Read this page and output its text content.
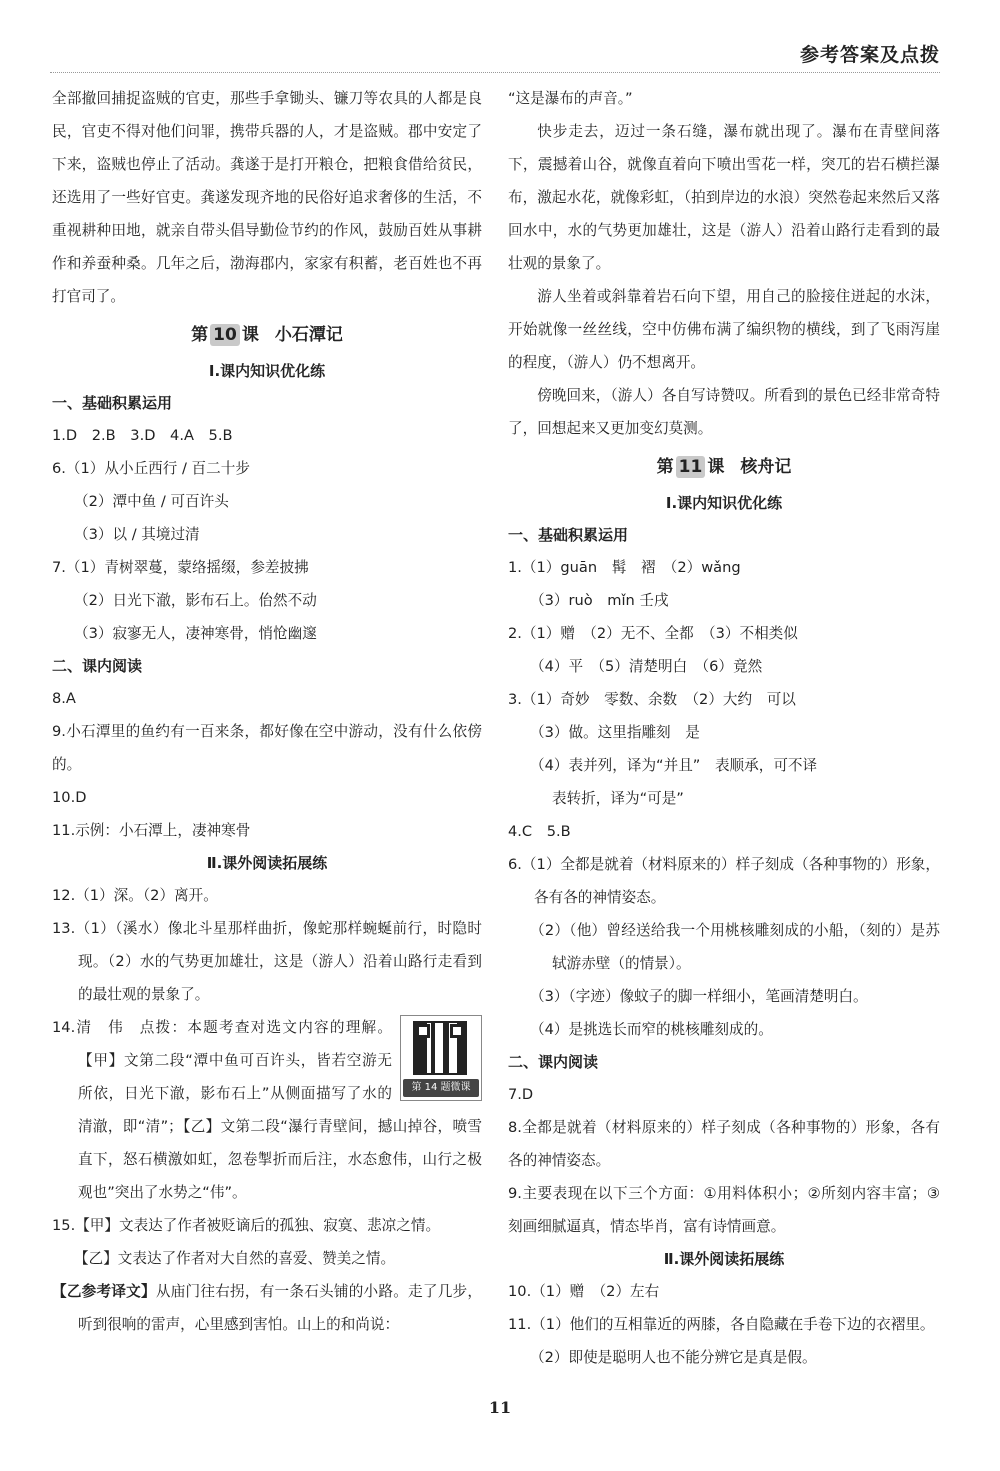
参考答案及点拨

全部撤回捕捉盗贼的官吏，那些手拿锄头、镰刀等农具的人都是良民，官吏不得对他们问罪，携带兵器的人，才是盗贼。郡中安定了下来，盗贼也停止了活动。龚遂于是打开粮仓，把粮食借给贫民，还选用了一些好官吏。龚遂发现齐地的民俗好追求奢侈的生活，不重视耕种田地，就亲自带头倡导勤俭节约的作风，鼓励百姓从事耕作和养蚕种桑。几年之后，渤海郡内，家家有积蓄，老百姓也不再打官司了。

第 10 课 小石潭记

Ⅰ.课内知识优化练

一、基础积累运用

1.D　2.B　3.D　4.A　5.B

6.（1）从小丘西行 / 百二十步

（2）潭中鱼 / 可百许头

（3）以 / 其境过清

7.（1）青树翠蔓，蒙络摇缀，参差披拂

（2）日光下澈，影布石上。佁然不动

（3）寂寥无人，凄神寒骨，悄怆幽邃

二、课内阅读

8.A

9.小石潭里的鱼约有一百来条，都好像在空中游动，没有什么依傍的。

10.D

11.示例：小石潭上，凄神寒骨

Ⅱ.课外阅读拓展练

12.（1）深。（2）离开。

13.（1）（溪水）像北斗星那样曲折，像蛇那样蜿蜒前行，时隐时现。（2）水的气势更加雄壮，这是（游人）沿着山路行走看到的最壮观的景象了。

第 14 题微课

14.清　伟　点拨：本题考查对选文内容的理解。【甲】文第二段“潭中鱼可百许头，皆若空游无所依，日光下澈，影布石上”从侧面描写了水的清澈，即“清”；【乙】文第二段“瀑行青壁间，撼山掉谷，喷雪直下，怒石横激如虹，忽卷掣折而后注，水态愈伟，山行之极观也”突出了水势之“伟”。

15.【甲】文表达了作者被贬谪后的孤独、寂寞、悲凉之情。

【乙】文表达了作者对大自然的喜爱、赞美之情。

【乙参考译文】从庙门往右拐，有一条石头铺的小路。走了几步，听到很响的雷声，心里感到害怕。山上的和尚说：

“这是瀑布的声音。”

快步走去，迈过一条石缝，瀑布就出现了。瀑布在青壁间落下，震撼着山谷，就像直着向下喷出雪花一样，突兀的岩石横拦瀑布，激起水花，就像彩虹，（拍到岸边的水浪）突然卷起来然后又落回水中，水的气势更加雄壮，这是（游人）沿着山路行走看到的最壮观的景象了。

游人坐着或斜靠着岩石向下望，用自己的脸接住迸起的水沫，开始就像一丝丝线，空中仿佛布满了编织物的横线，到了飞雨泻崖的程度，（游人）仍不想离开。

傍晚回来，（游人）各自写诗赞叹。所看到的景色已经非常奇特了，回想起来又更加变幻莫测。

第 11 课 核舟记

Ⅰ.课内知识优化练

一、基础积累运用

1.（1）guān　髯　褶　（2）wǎng

（3）ruò　mǐn 壬戌

2.（1）赠　（2）无不、全都　（3）不相类似

（4）平　（5）清楚明白　（6）竟然

3.（1）奇妙　零数、余数　（2）大约　可以

（3）做。这里指雕刻　是

（4）表并列，译为“并且”　表顺承，可不译

表转折，译为“可是”

4.C　5.B

6.（1）全都是就着（材料原来的）样子刻成（各种事物的）形象，各有各的神情姿态。

（2）（他）曾经送给我一个用桃核雕刻成的小船，（刻的）是苏轼游赤壁（的情景）。

（3）（字迹）像蚊子的脚一样细小，笔画清楚明白。

（4）是挑选长而窄的桃核雕刻成的。

二、课内阅读

7.D

8.全都是就着（材料原来的）样子刻成（各种事物的）形象，各有各的神情姿态。

9.主要表现在以下三个方面：①用料体积小；②所刻内容丰富；③刻画细腻逼真，情态毕肖，富有诗情画意。

Ⅱ.课外阅读拓展练

10.（1）赠　（2）左右

11.（1）他们的互相靠近的两膝，各自隐藏在手卷下边的衣褶里。

（2）即使是聪明人也不能分辨它是真是假。

11
